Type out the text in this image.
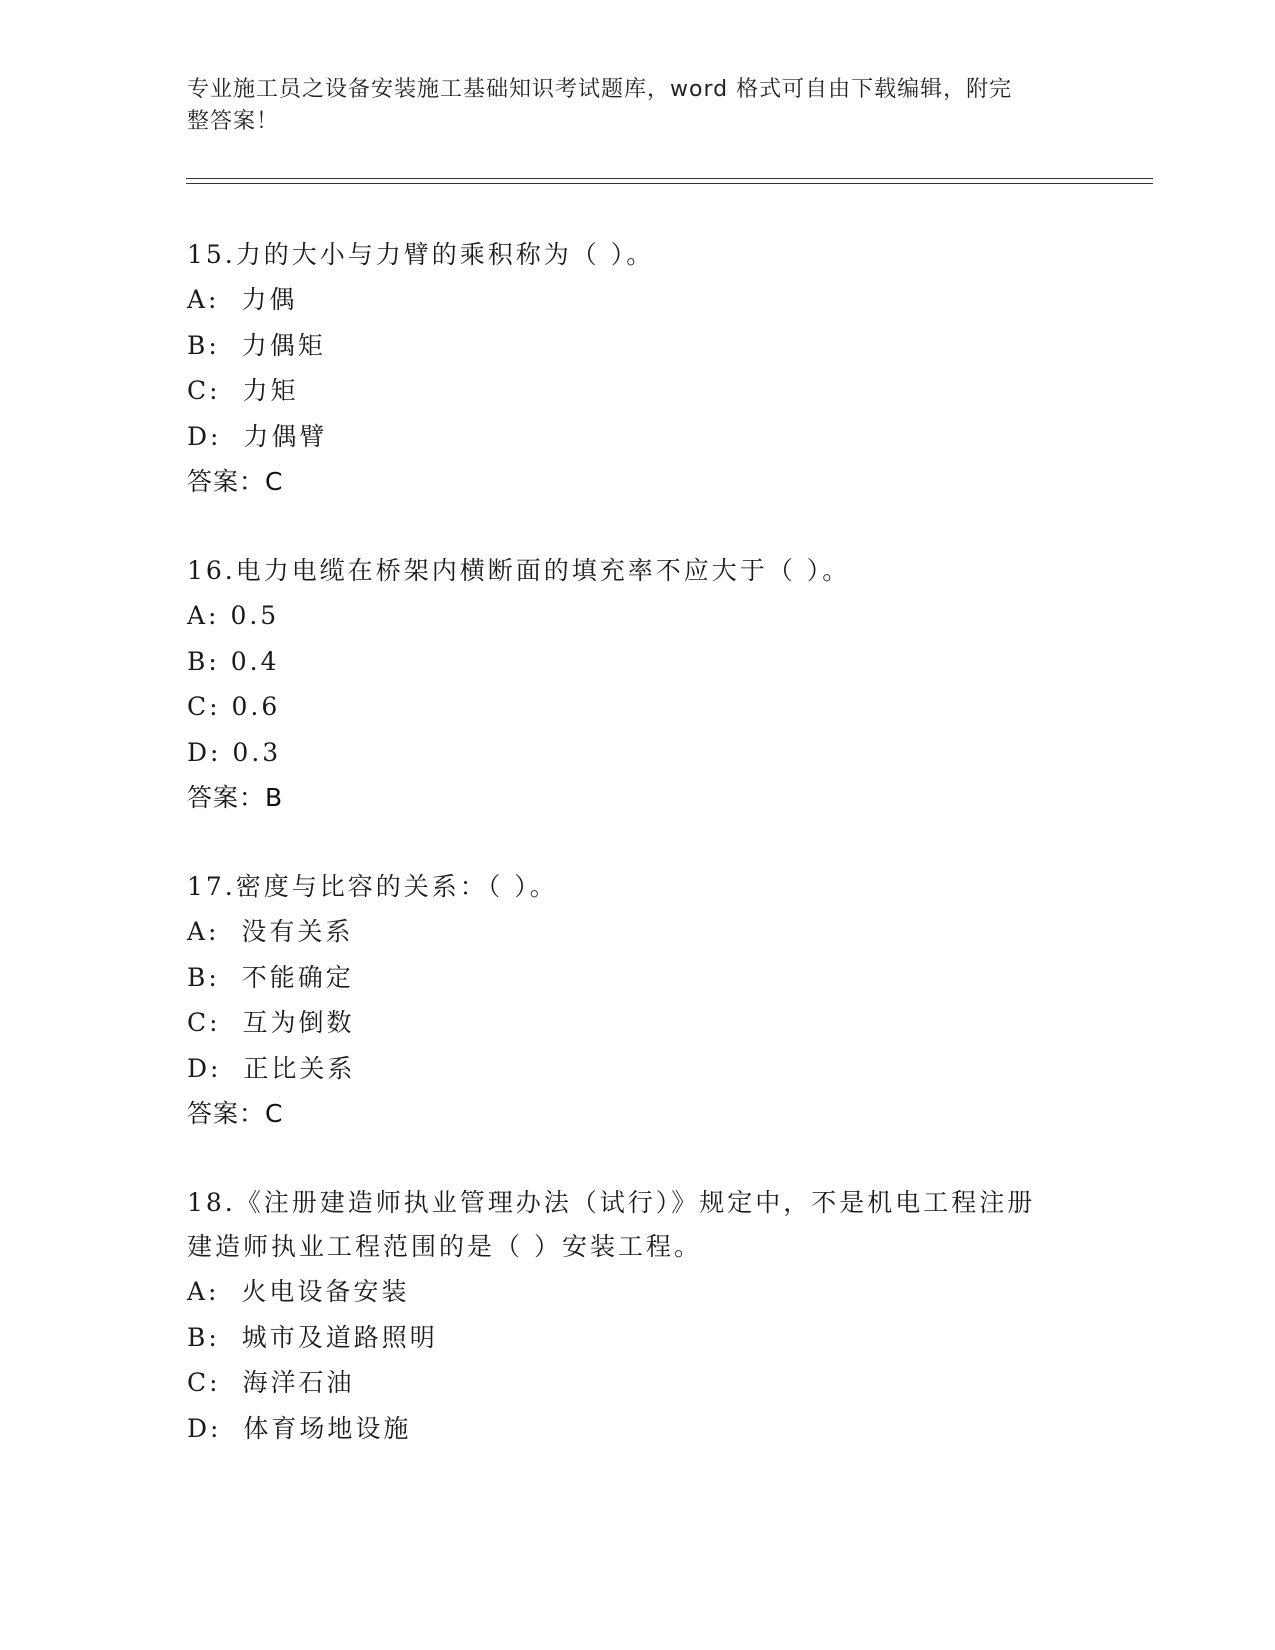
专业施工员之设备安装施工基础知识考试题库，word 格式可自由下载编辑，附完
整答案！
15.力的大小与力臂的乘积称为（ ）。
A: 力偶
B: 力偶矩
C: 力矩
D: 力偶臂
答案：C
16.电力电缆在桥架内横断面的填充率不应大于（ ）。
A: 0.5
B: 0.4
C: 0.6
D: 0.3
答案：B
17.密度与比容的关系：（ ）。
A: 没有关系
B: 不能确定
C: 互为倒数
D: 正比关系
答案：C
18.《注册建造师执业管理办法（试行）》规定中，不是机电工程注册
建造师执业工程范围的是（ ）安装工程。
A: 火电设备安装
B: 城市及道路照明
C: 海洋石油
D: 体育场地设施
